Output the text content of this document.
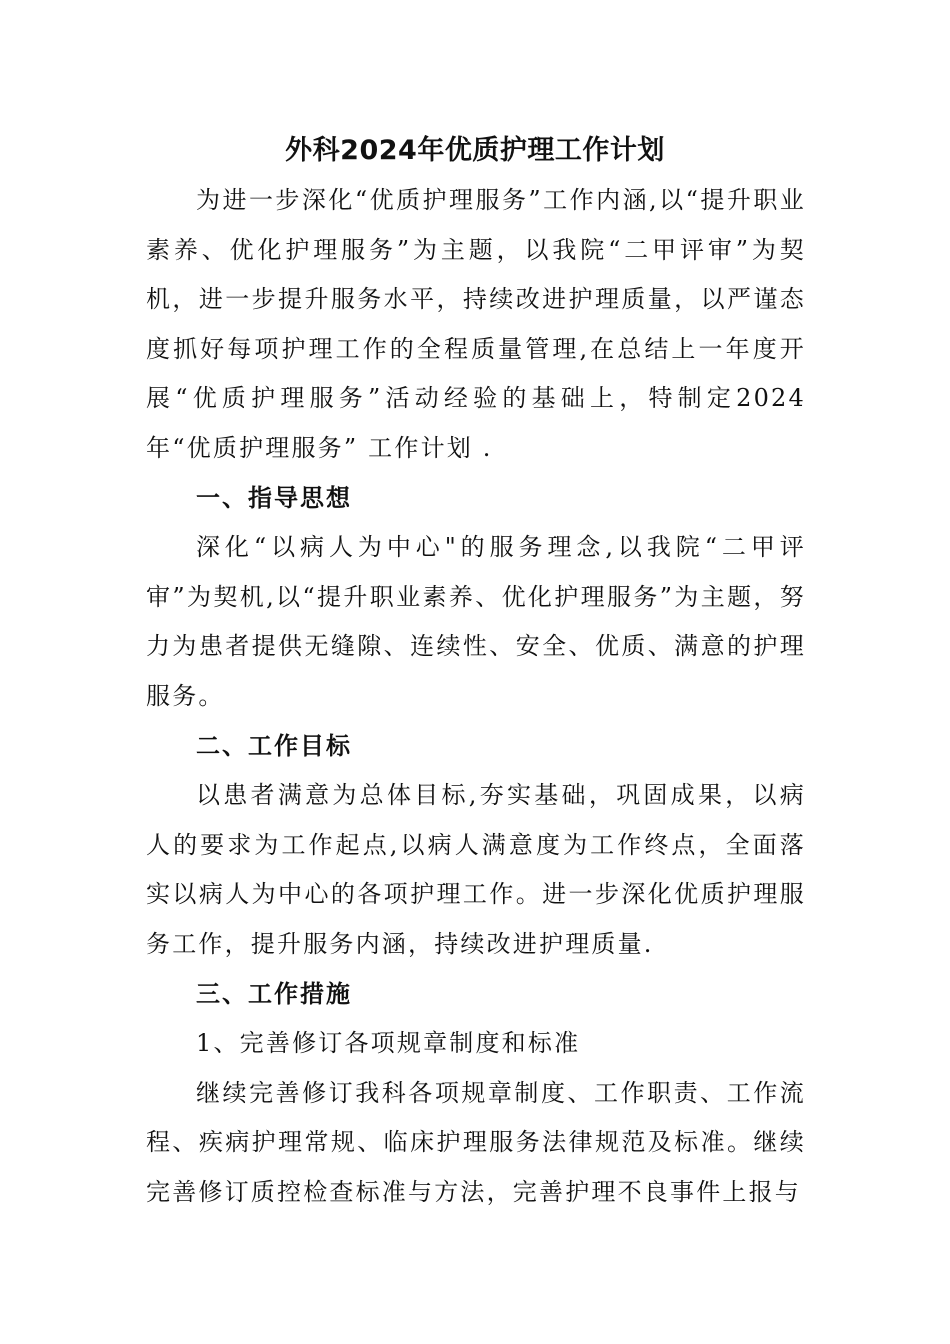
外科2024年优质护理工作计划

为进一步深化“优质护理服务”工作内涵,以“提升职业素养、优化护理服务”为主题，以我院“二甲评审”为契机，进一步提升服务水平，持续改进护理质量，以严谨态度抓好每项护理工作的全程质量管理,在总结上一年度开展“优质护理服务”活动经验的基础上，特制定2024年“优质护理服务” 工作计划 .

一、指导思想

深化“以病人为中心"的服务理念,以我院“二甲评审”为契机,以“提升职业素养、优化护理服务”为主题，努力为患者提供无缝隙、连续性、安全、优质、满意的护理服务。

二、工作目标

以患者满意为总体目标,夯实基础，巩固成果，以病人的要求为工作起点,以病人满意度为工作终点，全面落实以病人为中心的各项护理工作。进一步深化优质护理服务工作，提升服务内涵，持续改进护理质量.

三、工作措施

1、完善修订各项规章制度和标准

继续完善修订我科各项规章制度、工作职责、工作流程、疾病护理常规、临床护理服务法律规范及标准。继续完善修订质控检查标准与方法，完善护理不良事件上报与
